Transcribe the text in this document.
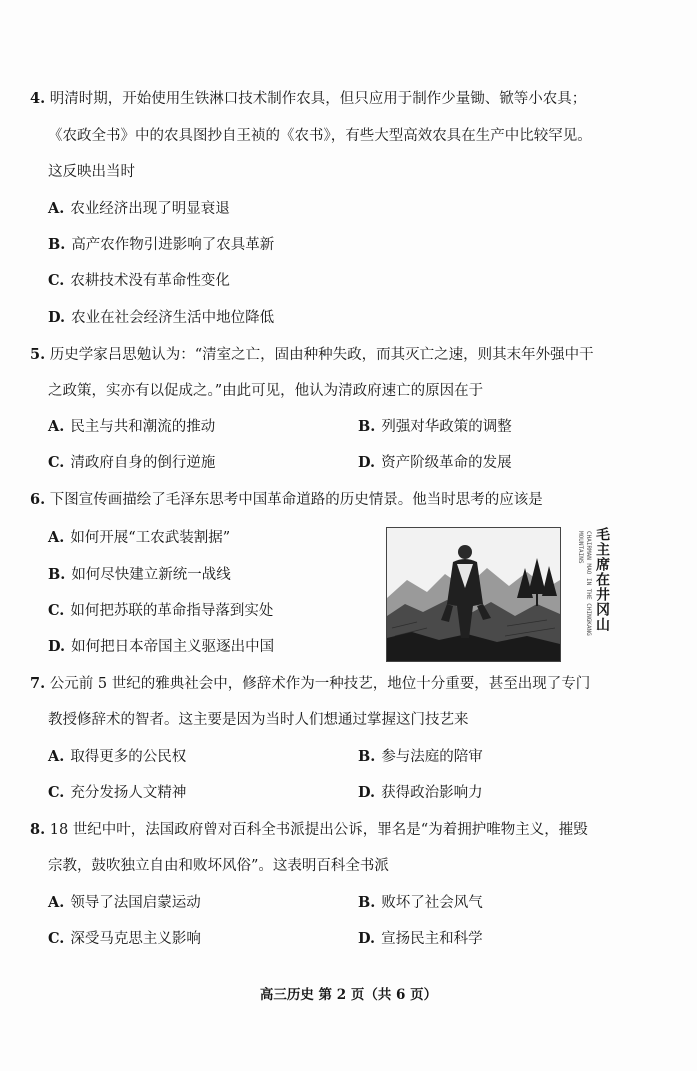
4. 明清时期，开始使用生铁淋口技术制作农具，但只应用于制作少量锄、锨等小农具；
《农政全书》中的农具图抄自王祯的《农书》，有些大型高效农具在生产中比较罕见。
这反映出当时
A. 农业经济出现了明显衰退
B. 高产农作物引进影响了农具革新
C. 农耕技术没有革命性变化
D. 农业在社会经济生活中地位降低
5. 历史学家吕思勉认为：“清室之亡，固由种种失政，而其灭亡之速，则其末年外强中干
之政策，实亦有以促成之。”由此可见，他认为清政府速亡的原因在于
A. 民主与共和潮流的推动	B. 列强对华政策的调整
C. 清政府自身的倒行逆施	D. 资产阶级革命的发展
6. 下图宣传画描绘了毛泽东思考中国革命道路的历史情景。他当时思考的应该是
A. 如何开展“工农武装割据”
B. 如何尽快建立新统一战线
C. 如何把苏联的革命指导落到实处
D. 如何把日本帝国主义驱逐出中国
CHAIRMAN MAO IN THE CHINGKANG MOUNTAINS 毛主席在井冈山
7. 公元前 5 世纪的雅典社会中，修辞术作为一种技艺，地位十分重要，甚至出现了专门
教授修辞术的智者。这主要是因为当时人们想通过掌握这门技艺来
A. 取得更多的公民权	B. 参与法庭的陪审
C. 充分发扬人文精神	D. 获得政治影响力
8. 18 世纪中叶，法国政府曾对百科全书派提出公诉，罪名是“为着拥护唯物主义，摧毁
宗教，鼓吹独立自由和败坏风俗”。这表明百科全书派
A. 领导了法国启蒙运动	B. 败坏了社会风气
C. 深受马克思主义影响	D. 宣扬民主和科学
高三历史 第 2 页（共 6 页）
